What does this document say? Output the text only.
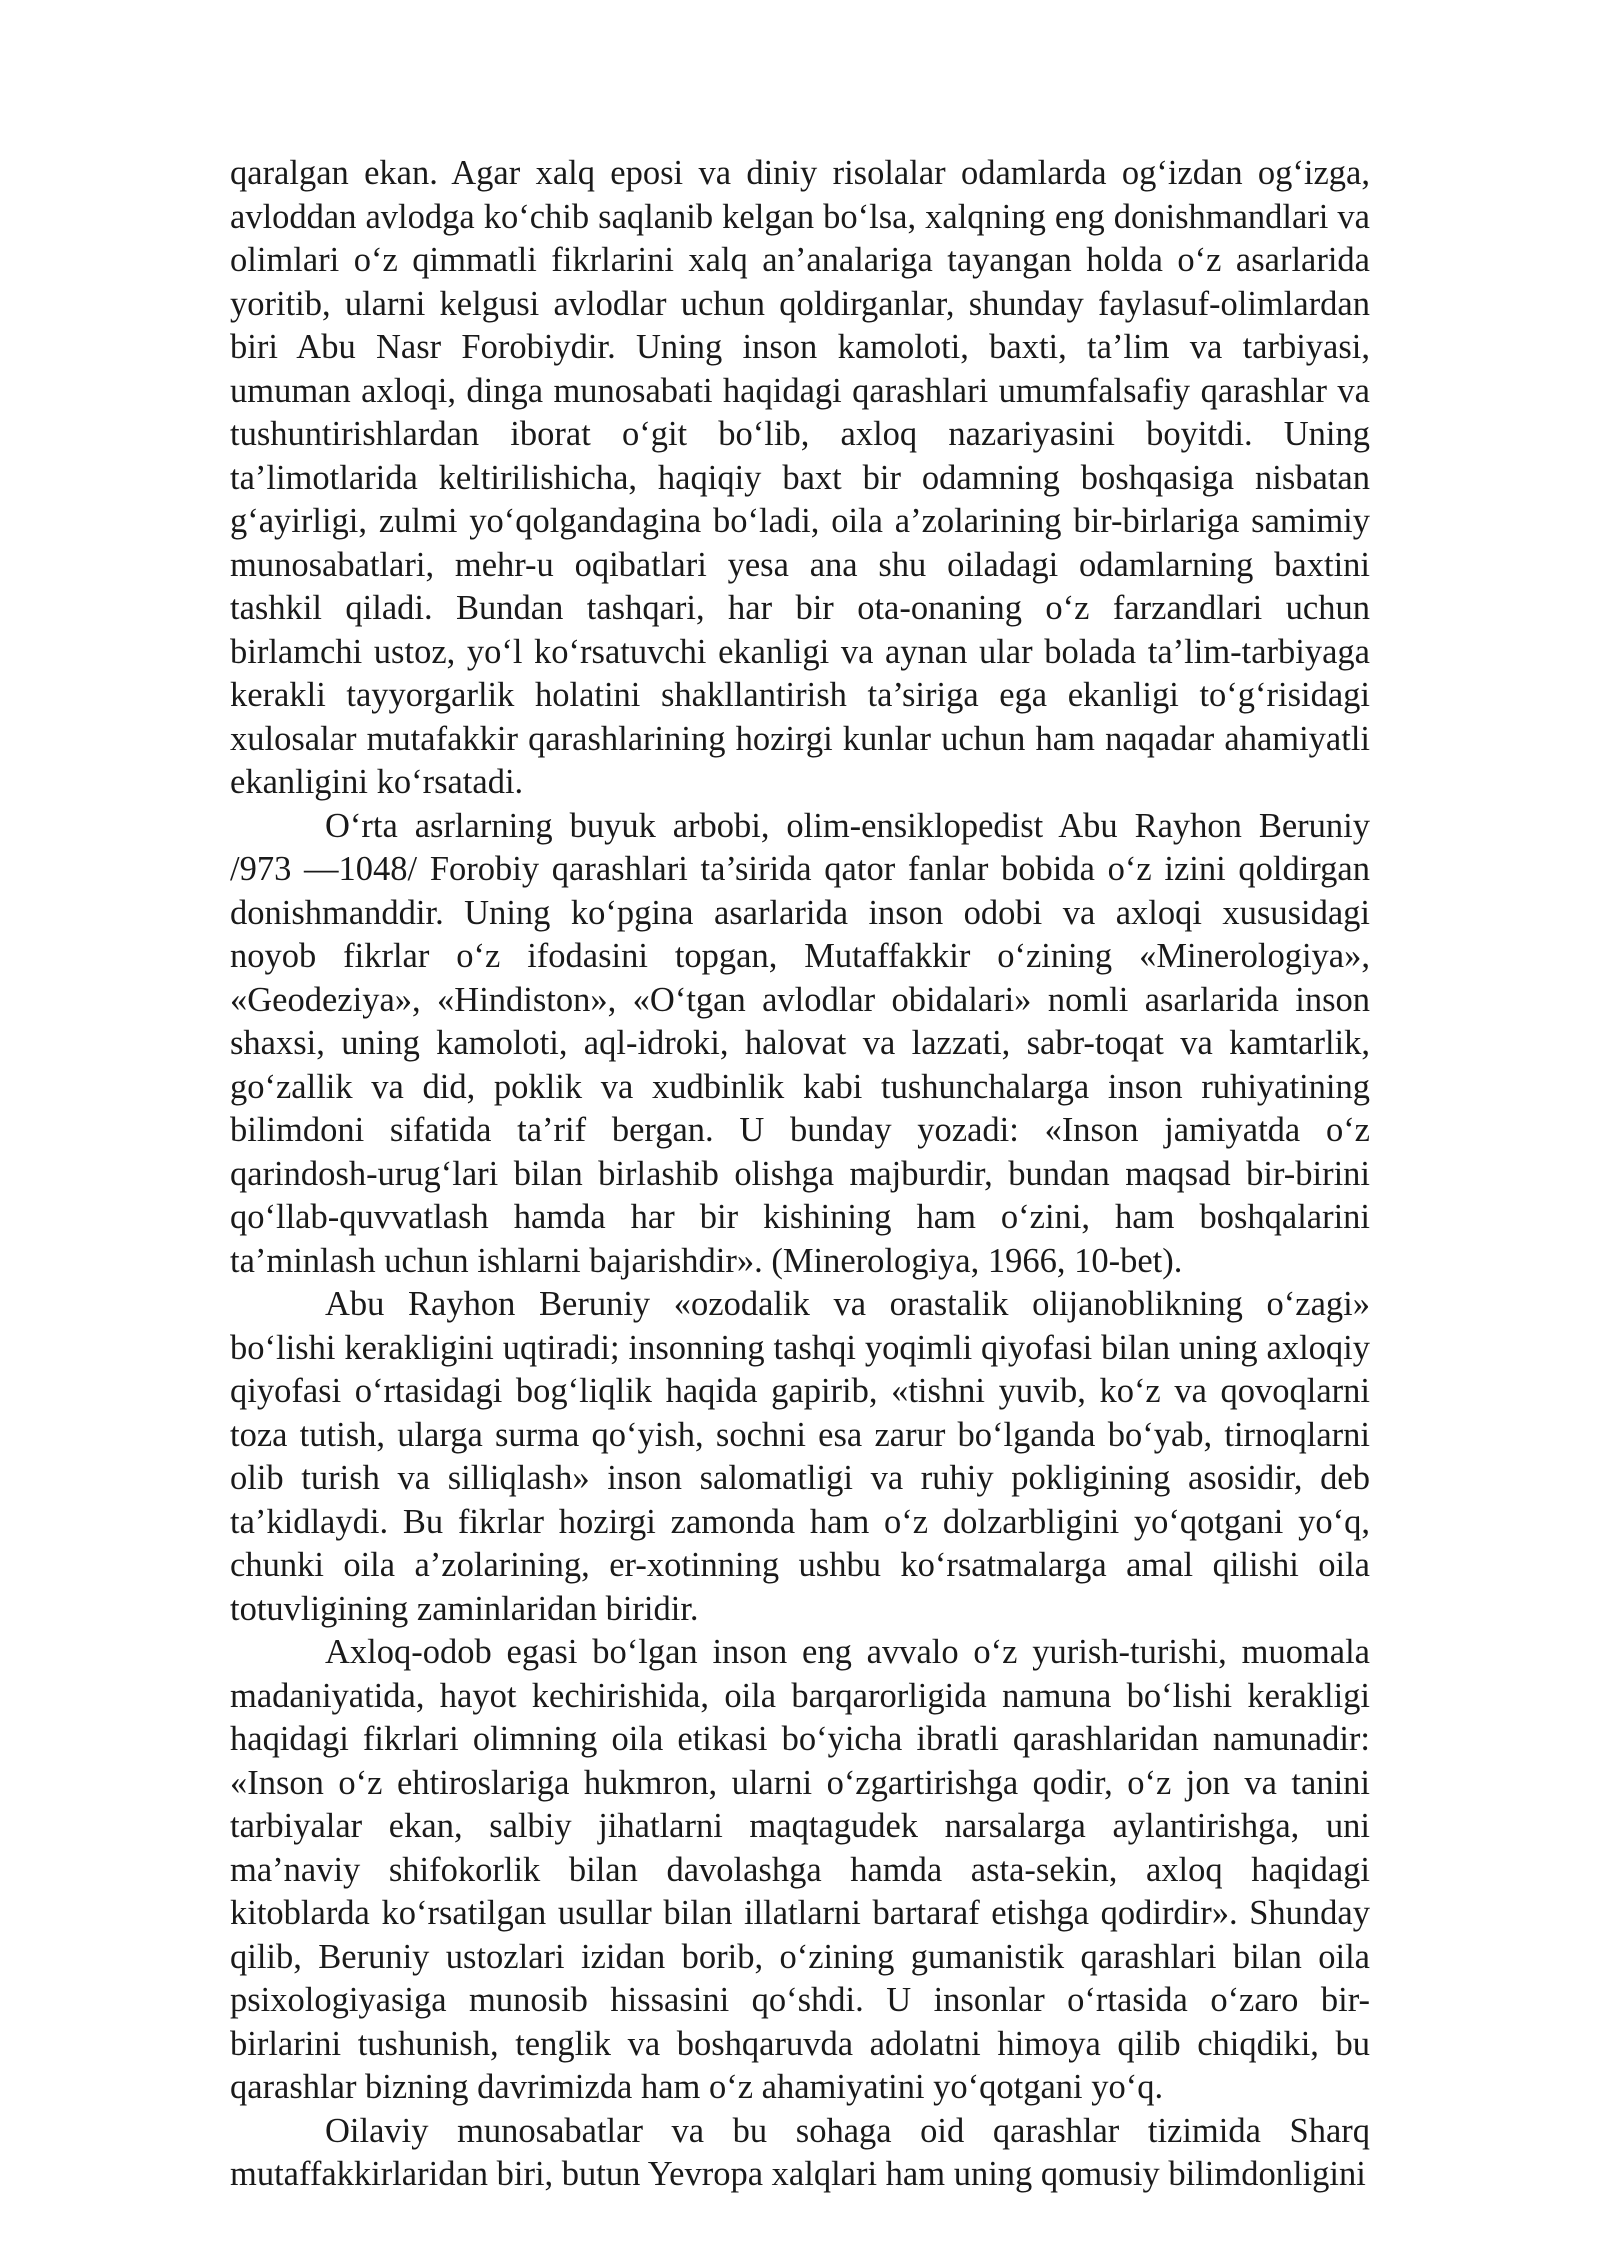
qaralgan ekan. Agar xalq eposi va diniy risolalar odamlarda og‘izdan og‘izga, avloddan avlodga ko‘chib saqlanib kelgan bo‘lsa, xalqning eng donishmandlari va olimlari o‘z qimmatli fikrlarini xalq an’analariga tayangan holda o‘z asarlarida yoritib, ularni kelgusi avlodlar uchun qoldirganlar, shunday faylasuf-olimlardan biri Abu Nasr Forobiydir. Uning inson kamoloti, baxti, ta’lim va tarbiyasi, umuman axloqi, dinga munosabati haqidagi qarashlari umumfalsafiy qarashlar va tushuntirishlardan iborat o‘git bo‘lib, axloq nazariyasini boyitdi. Uning ta’limotlarida keltirilishicha, haqiqiy baxt bir odamning boshqasiga nisbatan g‘ayirligi, zulmi yo‘qolgandagina bo‘ladi, oila a’zolarining bir-birlariga samimiy munosabatlari, mehr-u oqibatlari yesa ana shu oiladagi odamlarning baxtini tashkil qiladi. Bundan tashqari, har bir ota-onaning o‘z farzandlari uchun birlamchi ustoz, yo‘l ko‘rsatuvchi ekanligi va aynan ular bolada ta’lim-tarbiyaga kerakli tayyorgarlik holatini shakllantirish ta’siriga ega ekanligi to‘g‘risidagi xulosalar mutafakkir qarashlarining hozirgi kunlar uchun ham naqadar ahamiyatli ekanligini ko‘rsatadi.

O‘rta asrlarning buyuk arbobi, olim-ensiklopedist Abu Rayhon Beruniy /973 —1048/ Forobiy qarashlari ta’sirida qator fanlar bobida o‘z izini qoldirgan donishmanddir. Uning ko‘pgina asarlarida inson odobi va axloqi xususidagi noyob fikrlar o‘z ifodasini topgan, Mutaffakkir o‘zining «Minerologiya», «Geodeziya», «Hindiston», «O‘tgan avlodlar obidalari» nomli asarlarida inson shaxsi, uning kamoloti, aql-idroki, halovat va lazzati, sabr-toqat va kamtarlik, go‘zallik va did, poklik va xudbinlik kabi tushunchalarga inson ruhiyatining bilimdoni sifatida ta’rif bergan. U bunday yozadi: «Inson jamiyatda o‘z qarindosh-urug‘lari bilan birlashib olishga majburdir, bundan maqsad bir-birini qo‘llab-quvvatlash hamda har bir kishining ham o‘zini, ham boshqalarini ta’minlash uchun ishlarni bajarishdir». (Minerologiya, 1966, 10-bet).

Abu Rayhon Beruniy «ozodalik va orastalik olijanoblikning o‘zagi» bo‘lishi kerakligini uqtiradi; insonning tashqi yoqimli qiyofasi bilan uning axloqiy qiyofasi o‘rtasidagi bog‘liqlik haqida gapirib, «tishni yuvib, ko‘z va qovoqlarni toza tutish, ularga surma qo‘yish, sochni esa zarur bo‘lganda bo‘yab, tirnoqlarni olib turish va silliqlash» inson salomatligi va ruhiy pokligining asosidir, deb ta’kidlaydi. Bu fikrlar hozirgi zamonda ham o‘z dolzarbligini yo‘qotgani yo‘q, chunki oila a’zolarining, er-xotinning ushbu ko‘rsatmalarga amal qilishi oila totuvligining zaminlaridan biridir.

Axloq-odob egasi bo‘lgan inson eng avvalo o‘z yurish-turishi, muomala madaniyatida, hayot kechirishida, oila barqarorligida namuna bo‘lishi kerakligi haqidagi fikrlari olimning oila etikasi bo‘yicha ibratli qarashlaridan namunadir: «Inson o‘z ehtiroslariga hukmron, ularni o‘zgartirishga qodir, o‘z jon va tanini tarbiyalar ekan, salbiy jihatlarni maqtagudek narsalarga aylantirishga, uni ma’naviy shifokorlik bilan davolashga hamda asta-sekin, axloq haqidagi kitoblarda ko‘rsatilgan usullar bilan illatlarni bartaraf etishga qodirdir». Shunday qilib, Beruniy ustozlari izidan borib, o‘zining gumanistik qarashlari bilan oila psixologiyasiga munosib hissasini qo‘shdi. U insonlar o‘rtasida o‘zaro bir-birlarini tushunish, tenglik va boshqaruvda adolatni himoya qilib chiqdiki, bu qarashlar bizning davrimizda ham o‘z ahamiyatini yo‘qotgani yo‘q.

Oilaviy munosabatlar va bu sohaga oid qarashlar tizimida Sharq mutaffakkirlaridan biri, butun Yevropa xalqlari ham uning qomusiy bilimdonligini
